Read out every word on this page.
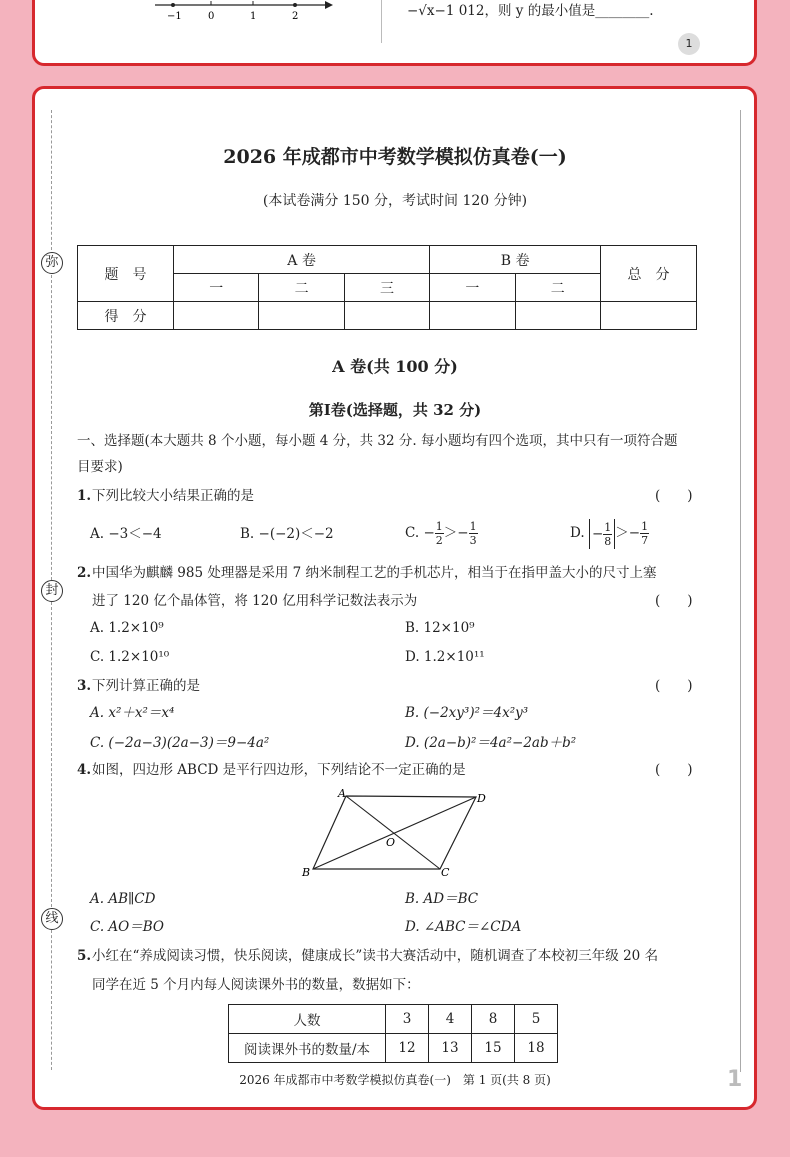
−1	0	1	2	−√x−1 012，则 y 的最小值是________.
1
弥
封
线
2026 年成都市中考数学模拟仿真卷(一)
(本试卷满分 150 分，考试时间 120 分钟)
题　号	A 卷			B 卷		总　分
	一	二	三	一	二	
得　分						
A 卷(共 100 分)
第Ⅰ卷(选择题，共 32 分)
一、选择题(本大题共 8 个小题，每小题 4 分，共 32 分. 每小题均有四个选项，其中只有一项符合题
目要求)
1. 下列比较大小结果正确的是	(　　)
A. −3＜−4	B. −(−2)＜−2	C. − $\frac{1}{2} >- \frac{1}{3}$	D. − $\frac{1}{8} >- \frac{1}{7}$
2. 中国华为麒麟 985 处理器是采用 7 纳米制程工艺的手机芯片，相当于在指甲盖大小的尺寸上塞
进了 120 亿个晶体管，将 120 亿用科学记数法表示为	(　　)
A. 1.2×10⁹	B. 12×10⁹
C. 1.2×10¹⁰	D. 1.2×10¹¹
3. 下列计算正确的是	(　　)
A. x²＋x²＝x⁴	B. (−2xy³)²＝4x²y³
C. (−2a−3)(2a−3)＝9−4a²	D. (2a−b)²＝4a²−2ab＋b²
4. 如图，四边形 ABCD 是平行四边形，下列结论不一定正确的是	(　　)
A	D
B	C
O
A. AB∥CD	B. AD＝BC
C. AO＝BO	D. ∠ABC＝∠CDA
5. 小红在“养成阅读习惯，快乐阅读，健康成长”读书大赛活动中，随机调查了本校初三年级 20 名
同学在近 5 个月内每人阅读课外书的数量，数据如下：
人数	3	4	8	5
阅读课外书的数量/本	12	13	15	18
2026 年成都市中考数学模拟仿真卷(一)　第 1 页(共 8 页)	1
